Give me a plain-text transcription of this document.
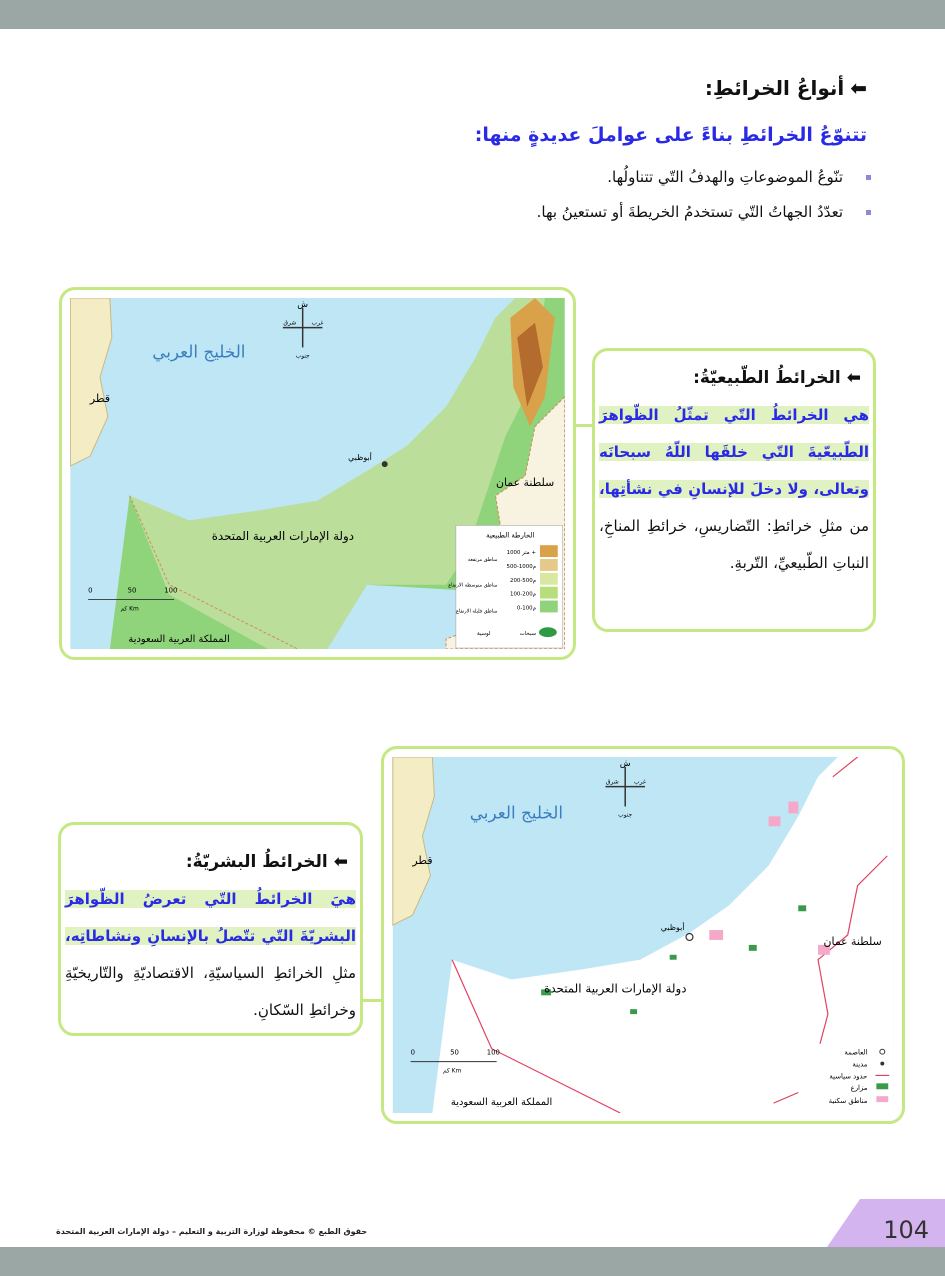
⬅أنواعُ الخرائطِ:
تتنوّعُ الخرائطِ بناءً على عواملَ عديدةٍ منها:
تنّوعُ الموضوعاتِ والهدفُ التّي تتناولُها.
تعدّدُ الجهاتُ التّي تستخدمُ الخريطةَ أو تستعينُ بها.
ش
شرق	غرب
جنوب
الخليج العربي
قطر
سلطنة عمان
دولة الإمارات العربية المتحدة
المملكة العربية السعودية
أبوظبي
0	50	100
كم Km
الخارطة الطبيعية
1000 متر +
500-1000م
200-500م
100-200م
0-100م
مناطق مرتفعة
مناطق متوسطة الارتفاع
مناطق قليلة الارتفاع
سبخات
لوسية
⬅الخرائطُ الطّبيعيّةُ:
هي الخرائطُ التّي تمثّلُ الظّواهرَ الطّبيعّيةَ التّي خلقَها اللّهُ سبحانَه وتعالى، ولا دخلَ للإنسانِ في نشأتِها، من مثلِ خرائطِ: التّضاريسِ، خرائطِ المناخِ، النباتِ الطّبيعيِّ، التّربةِ.
ش
شرق	غرب
جنوب
الخليج العربي
قطر
سلطنة عمان
دولة الإمارات العربية المتحدة
المملكة العربية السعودية
أبوظبي
0	50	100
كم Km
العاصمة
مدينة
حدود سياسية
مزارع
مناطق سكنية
⬅الخرائطُ البشريّةُ:
هيَ الخرائطُ التّي تعرضُ الظّواهرَ البشريّةَ التّي تتّصلُ بالإنسانِ ونشاطاتِه، مثلِ الخرائطِ السياسيّةِ، الاقتصاديّةِ والتّاريخيّةِ وخرائطِ السّكانِ.
104
حقوق الطبع © محفوظة لوزارة التربية و التعليم – دولة الإمارات العربية المتحدة
